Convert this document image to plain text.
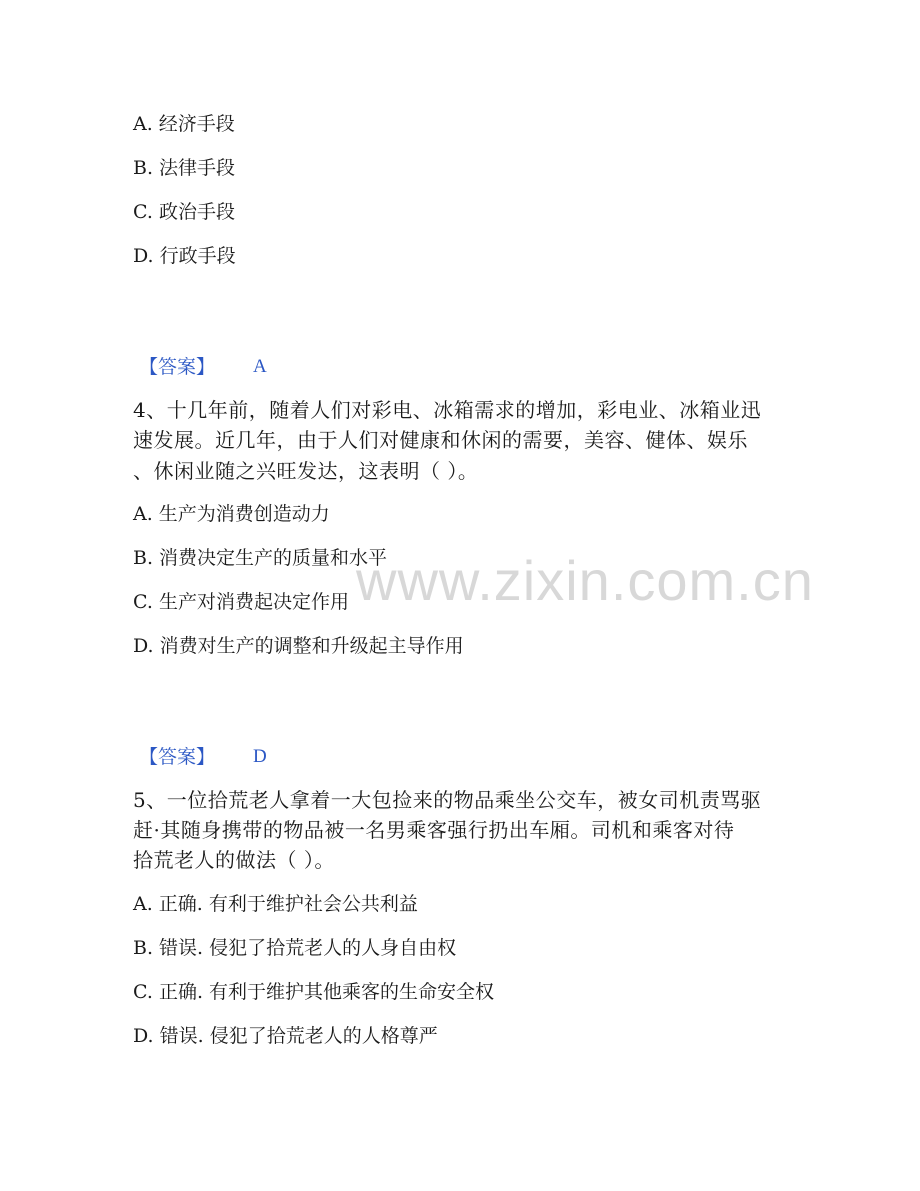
www.zixin.com.cn
A. 经济手段
B. 法律手段
C. 政治手段
D. 行政手段
【答案】 A
4、十几年前，随着人们对彩电、冰箱需求的增加，彩电业、冰箱业迅
速发展。近几年，由于人们对健康和休闲的需要，美容、健体、娱乐
、休闲业随之兴旺发达，这表明（ ）。
A. 生产为消费创造动力
B. 消费决定生产的质量和水平
C. 生产对消费起决定作用
D. 消费对生产的调整和升级起主导作用
【答案】 D
5、一位拾荒老人拿着一大包捡来的物品乘坐公交车，被女司机责骂驱
赶·其随身携带的物品被一名男乘客强行扔出车厢。司机和乘客对待
拾荒老人的做法（ ）。
A. 正确. 有利于维护社会公共利益
B. 错误. 侵犯了拾荒老人的人身自由权
C. 正确. 有利于维护其他乘客的生命安全权
D. 错误. 侵犯了拾荒老人的人格尊严
